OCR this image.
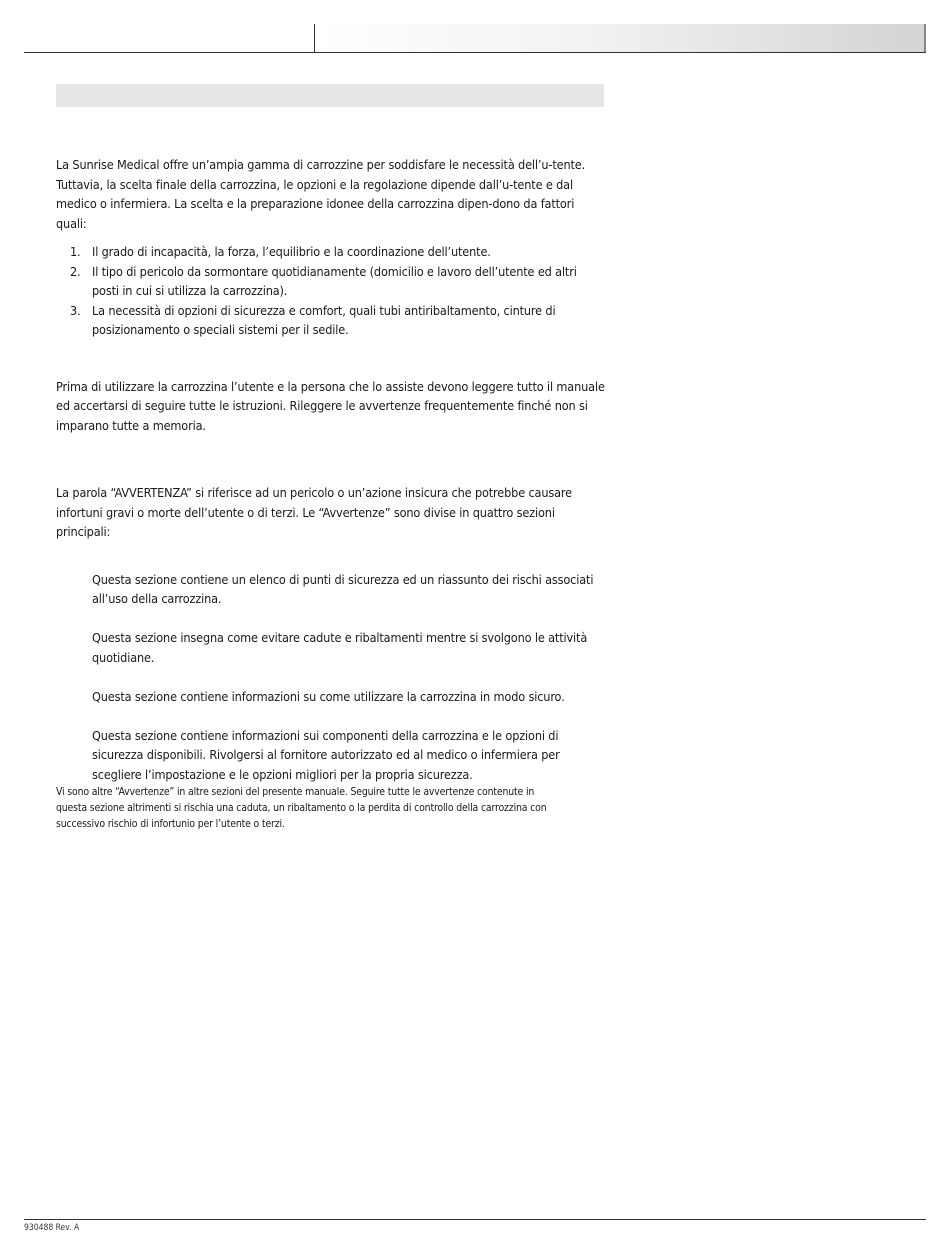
La Sunrise Medical offre un’ampia gamma di carrozzine per soddisfare le necessità dell’u-tente. Tuttavia, la scelta finale della carrozzina, le opzioni e la regolazione dipende dall’u-tente e dal medico o infermiera. La scelta e la preparazione idonee della carrozzina dipen-dono da fattori quali:

1. Il grado di incapacità, la forza, l’equilibrio e la coordinazione dell’utente.
2. Il tipo di pericolo da sormontare quotidianamente (domicilio e lavoro dell’utente ed altri posti in cui si utilizza la carrozzina).
3. La necessità di opzioni di sicurezza e comfort, quali tubi antiribaltamento, cinture di posizionamento o speciali sistemi per il sedile.

Prima di utilizzare la carrozzina l’utente e la persona che lo assiste devono leggere tutto il manuale ed accertarsi di seguire tutte le istruzioni. Rileggere le avvertenze frequentemente finché non si imparano tutte a memoria.

La parola “AVVERTENZA” si riferisce ad un pericolo o un’azione insicura che potrebbe causare infortuni gravi o morte dell’utente o di terzi. Le “Avvertenze” sono divise in quattro sezioni principali:

Questa sezione contiene un elenco di punti di sicurezza ed un riassunto dei rischi associati all’uso della carrozzina.

Questa sezione insegna come evitare cadute e ribaltamenti mentre si svolgono le attività quotidiane.

Questa sezione contiene informazioni su come utilizzare la carrozzina in modo sicuro.

Questa sezione contiene informazioni sui componenti della carrozzina e le opzioni di sicurezza disponibili. Rivolgersi al fornitore autorizzato ed al medico o infermiera per scegliere l’impostazione e le opzioni migliori per la propria sicurezza.

Vi sono altre “Avvertenze” in altre sezioni del presente manuale. Seguire tutte le avvertenze contenute in questa sezione altrimenti si rischia una caduta, un ribaltamento o la perdita di controllo della carrozzina con successivo rischio di infortunio per l’utente o terzi.

930488 Rev. A
